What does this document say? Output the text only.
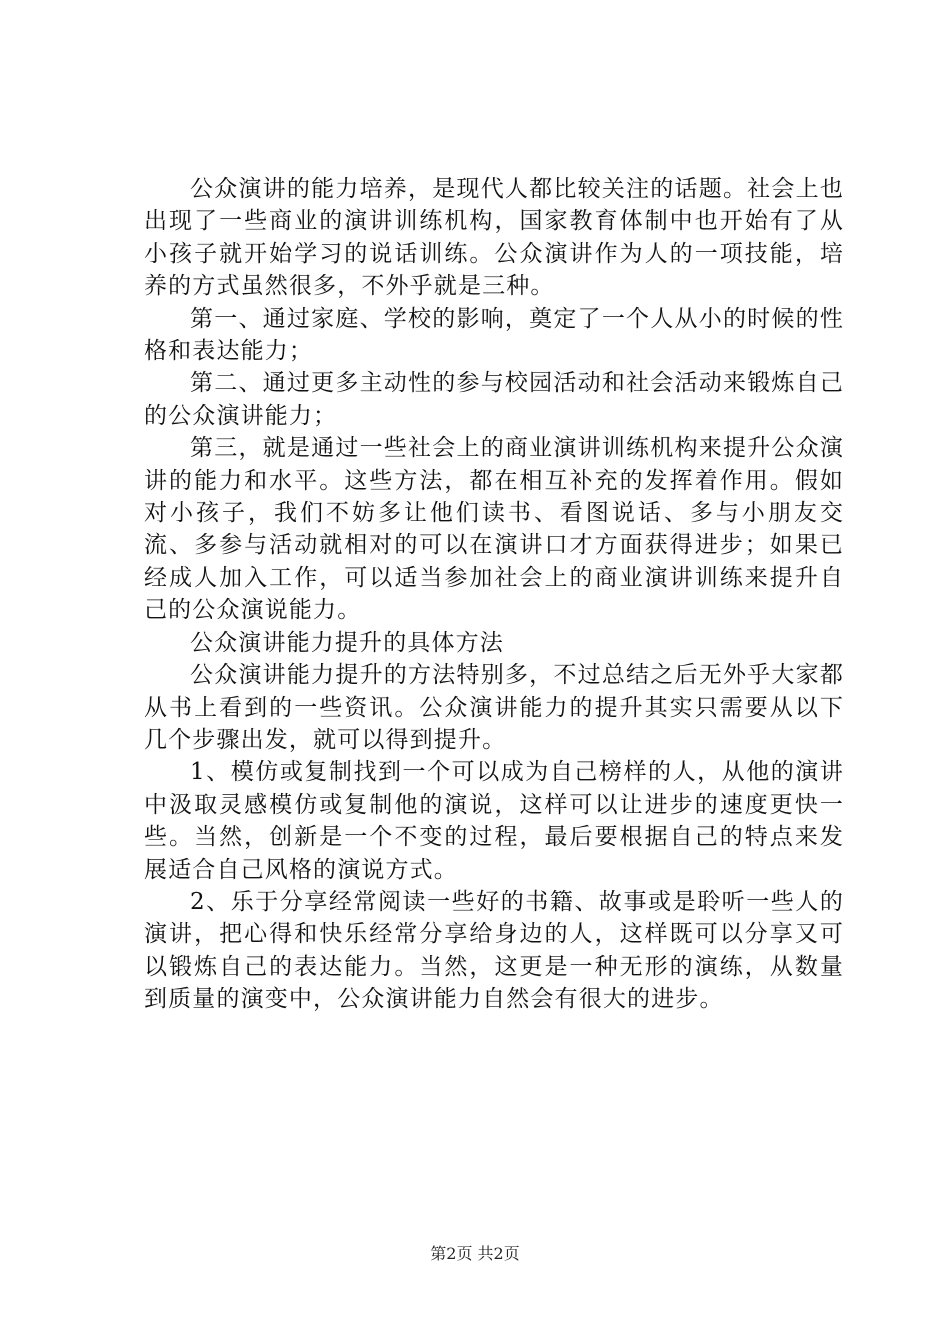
公众演讲的能力培养，是现代人都比较关注的话题。社会上也出现了一些商业的演讲训练机构，国家教育体制中也开始有了从小孩子就开始学习的说话训练。公众演讲作为人的一项技能，培养的方式虽然很多，不外乎就是三种。

第一、通过家庭、学校的影响，奠定了一个人从小的时候的性格和表达能力；

第二、通过更多主动性的参与校园活动和社会活动来锻炼自己的公众演讲能力；

第三，就是通过一些社会上的商业演讲训练机构来提升公众演讲的能力和水平。这些方法，都在相互补充的发挥着作用。假如对小孩子，我们不妨多让他们读书、看图说话、多与小朋友交流、多参与活动就相对的可以在演讲口才方面获得进步；如果已经成人加入工作，可以适当参加社会上的商业演讲训练来提升自己的公众演说能力。

公众演讲能力提升的具体方法

公众演讲能力提升的方法特别多，不过总结之后无外乎大家都从书上看到的一些资讯。公众演讲能力的提升其实只需要从以下几个步骤出发，就可以得到提升。

1、模仿或复制找到一个可以成为自己榜样的人，从他的演讲中汲取灵感模仿或复制他的演说，这样可以让进步的速度更快一些。当然，创新是一个不变的过程，最后要根据自己的特点来发展适合自己风格的演说方式。

2、乐于分享经常阅读一些好的书籍、故事或是聆听一些人的演讲，把心得和快乐经常分享给身边的人，这样既可以分享又可以锻炼自己的表达能力。当然，这更是一种无形的演练，从数量到质量的演变中，公众演讲能力自然会有很大的进步。

第2页 共2页
